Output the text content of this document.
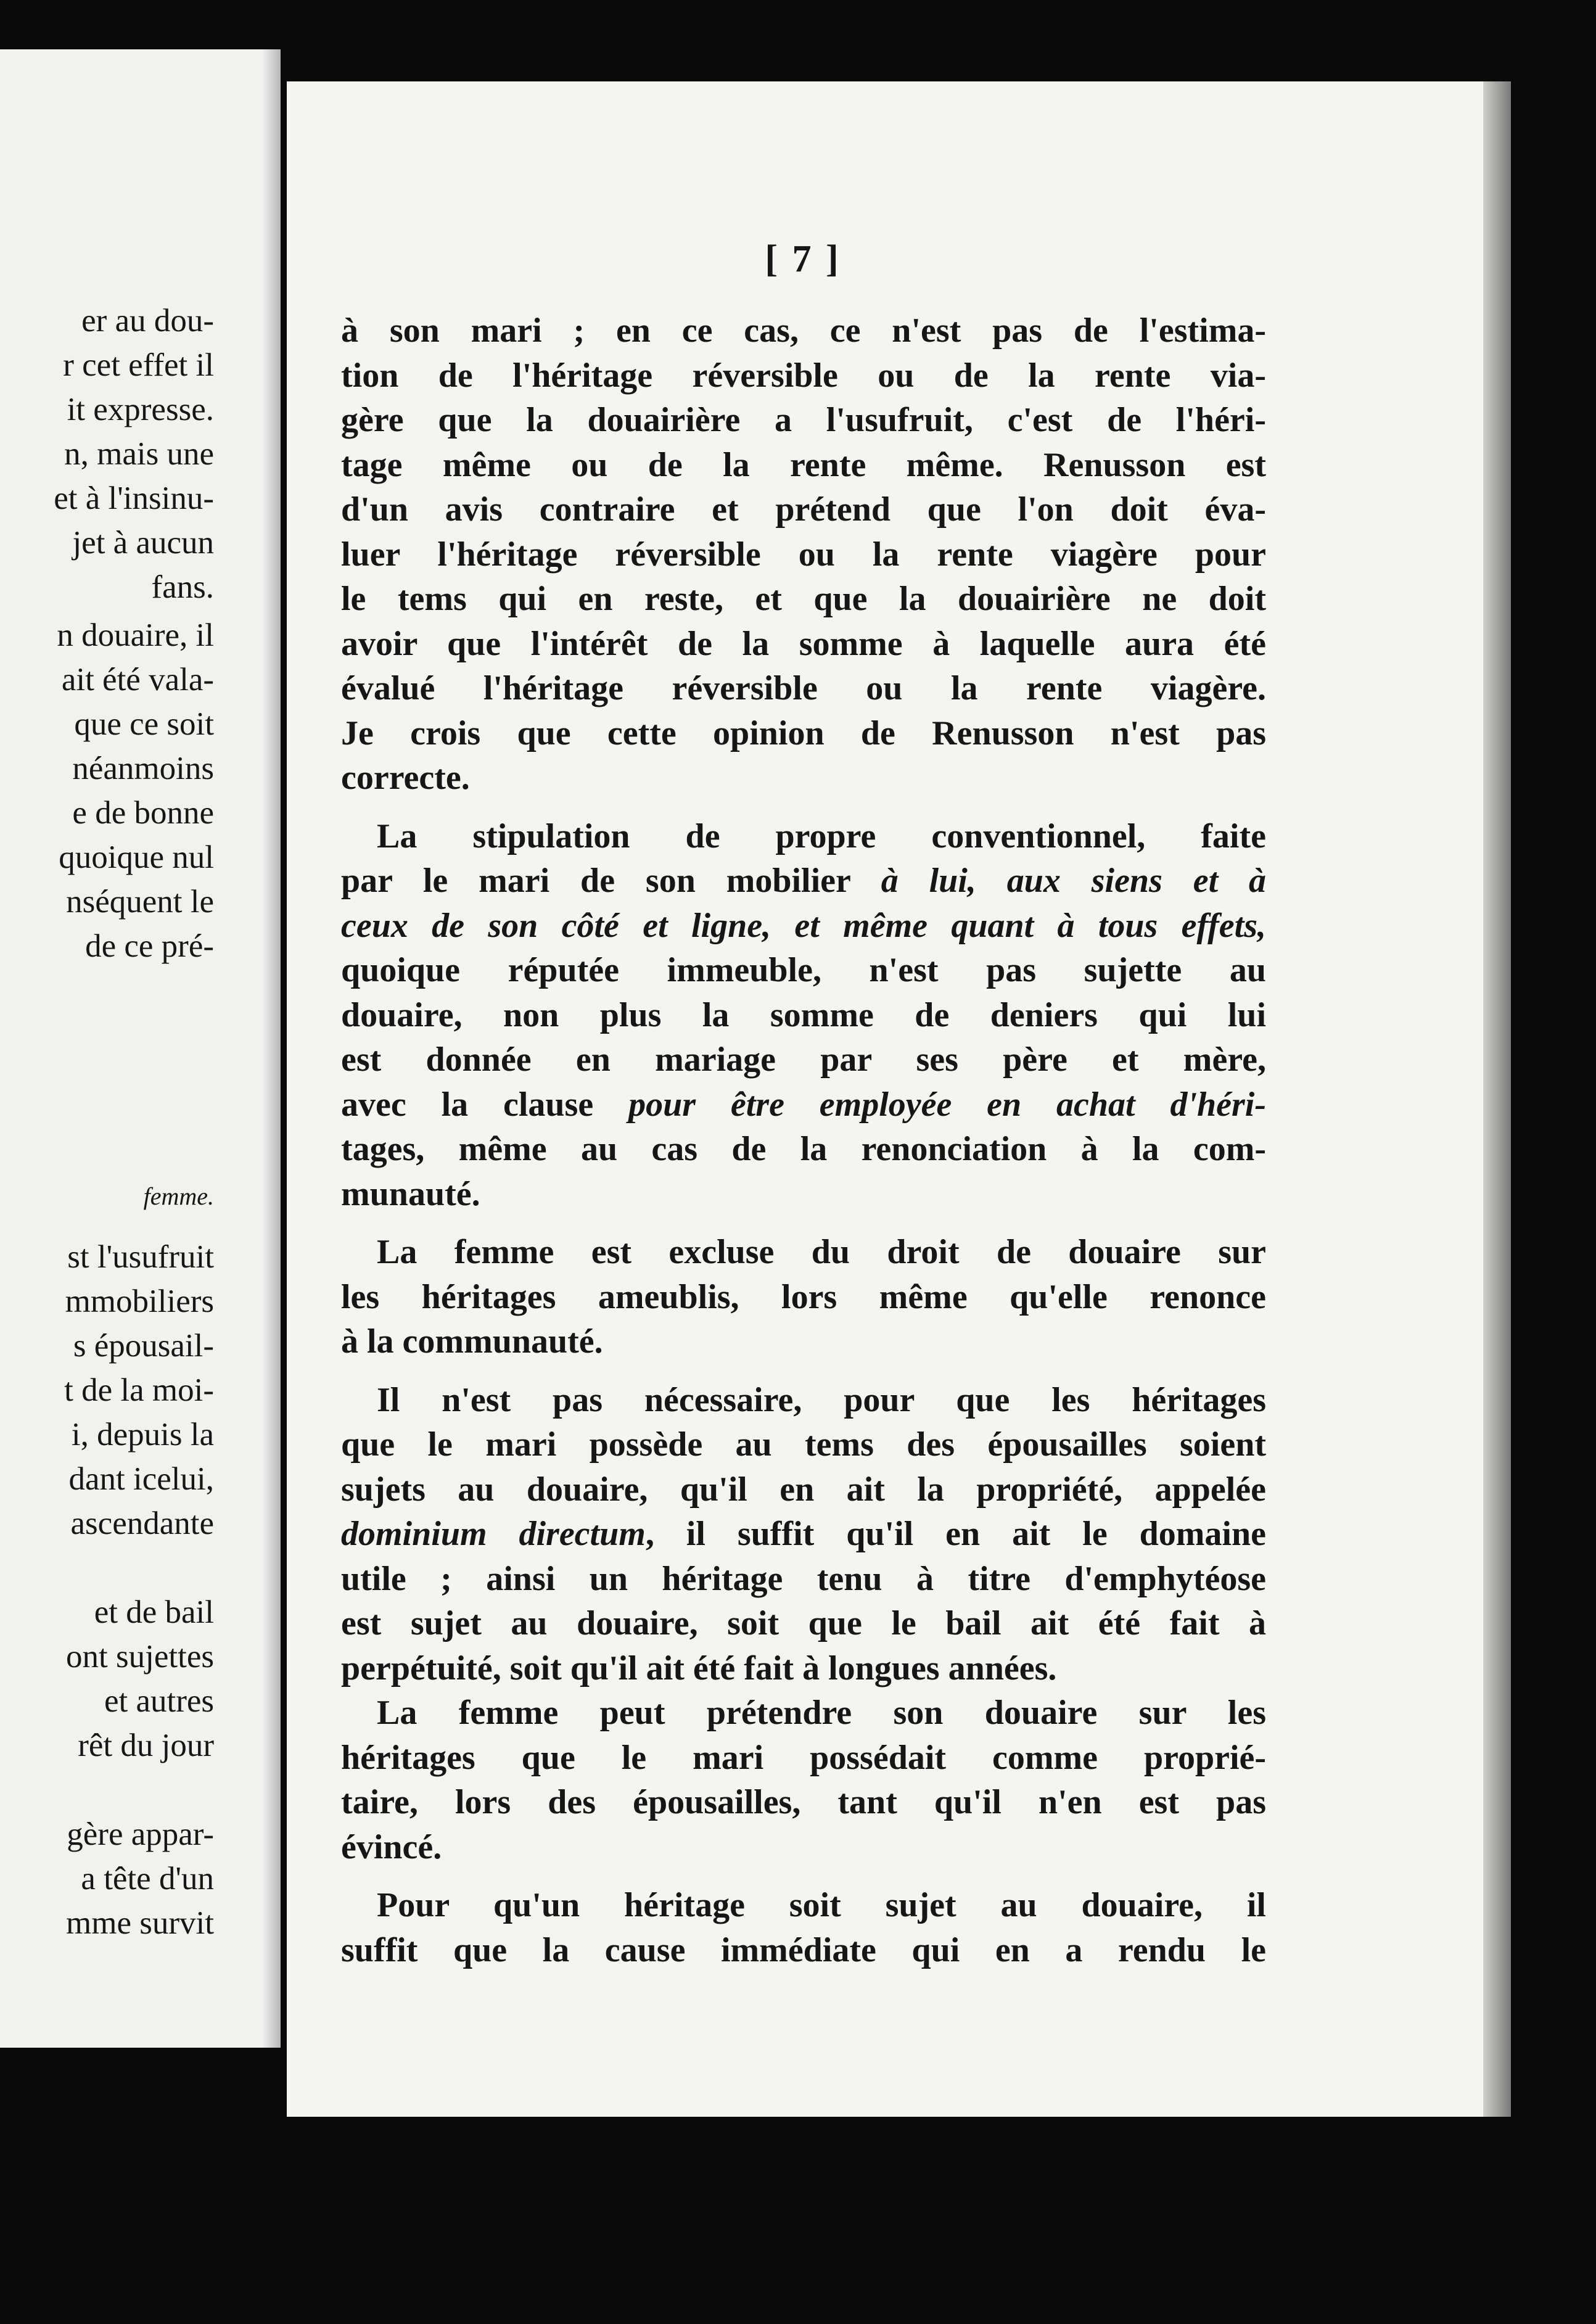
er au dou-
r cet effet il
it expresse.
n, mais une
et à l'insinu-
jet à aucun
fans.
n douaire, il
ait été vala-
que ce soit
néanmoins
e de bonne
quoique nul
nséquent le
de ce pré-
femme.
st l'usufruit
mmobiliers
s épousail-
t de la moi-
i, depuis la
dant icelui,
ascendante
et de bail
ont sujettes
et autres
rêt du jour
gère appar-
a tête d'un
mme survit
[ 7 ]
à son mari ; en ce cas, ce n'est pas de l'estima-
tion de l'héritage réversible ou de la rente via-
gère que la douairière a l'usufruit, c'est de l'héri-
tage même ou de la rente même. Renusson est
d'un avis contraire et prétend que l'on doit éva-
luer l'héritage réversible ou la rente viagère pour
le tems qui en reste, et que la douairière ne doit
avoir que l'intérêt de la somme à laquelle aura été
évalué l'héritage réversible ou la rente viagère.
Je crois que cette opinion de Renusson n'est pas
correcte.
La stipulation de propre conventionnel, faite
par le mari de son mobilier à lui, aux siens et à
ceux de son côté et ligne, et même quant à tous effets,
quoique réputée immeuble, n'est pas sujette au
douaire, non plus la somme de deniers qui lui
est donnée en mariage par ses père et mère,
avec la clause pour être employée en achat d'héri-
tages, même au cas de la renonciation à la com-
munauté.
La femme est exclusе du droit de douaire sur
les héritages ameublis, lors même qu'elle renonce
à la communauté.
Il n'est pas nécessaire, pour que les héritages
que le mari possède au tems des épousailles soient
sujets au douaire, qu'il en ait la propriété, appelée
dominium directum, il suffit qu'il en ait le domaine
utile ; ainsi un héritage tenu à titre d'emphytéose
est sujet au douaire, soit que le bail ait été fait à
perpétuité, soit qu'il ait été fait à longues années.
La femme peut prétendre son douaire sur les
héritages que le mari possédait comme proprié-
taire, lors des épousailles, tant qu'il n'en est pas
évincé.
Pour qu'un héritage soit sujet au douaire, il
suffit que la cause immédiate qui en a rendu le
